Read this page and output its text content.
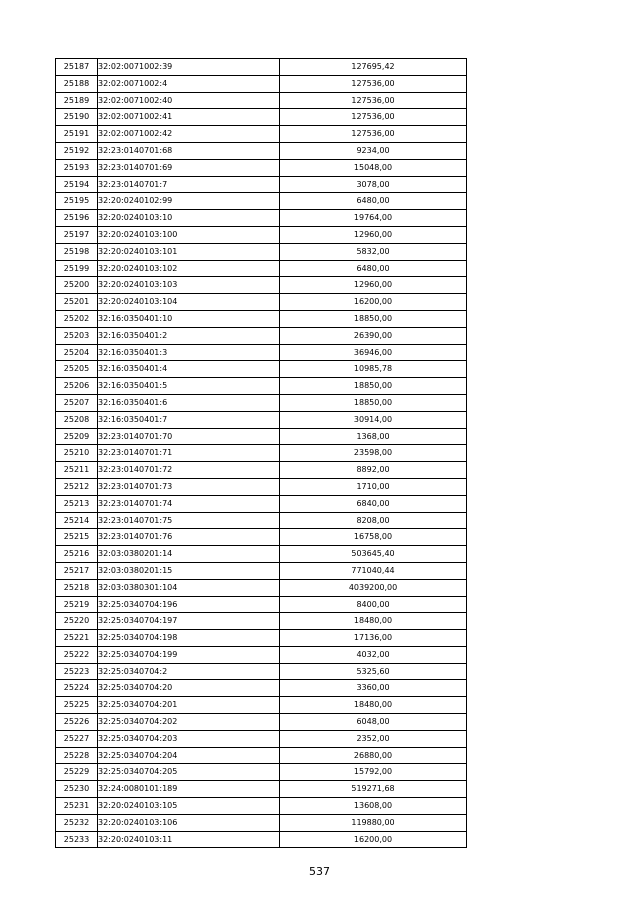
25187	32:02:0071002:39	127695,42
25188	32:02:0071002:4	127536,00
25189	32:02:0071002:40	127536,00
25190	32:02:0071002:41	127536,00
25191	32:02:0071002:42	127536,00
25192	32:23:0140701:68	9234,00
25193	32:23:0140701:69	15048,00
25194	32:23:0140701:7	3078,00
25195	32:20:0240102:99	6480,00
25196	32:20:0240103:10	19764,00
25197	32:20:0240103:100	12960,00
25198	32:20:0240103:101	5832,00
25199	32:20:0240103:102	6480,00
25200	32:20:0240103:103	12960,00
25201	32:20:0240103:104	16200,00
25202	32:16:0350401:10	18850,00
25203	32:16:0350401:2	26390,00
25204	32:16:0350401:3	36946,00
25205	32:16:0350401:4	10985,78
25206	32:16:0350401:5	18850,00
25207	32:16:0350401:6	18850,00
25208	32:16:0350401:7	30914,00
25209	32:23:0140701:70	1368,00
25210	32:23:0140701:71	23598,00
25211	32:23:0140701:72	8892,00
25212	32:23:0140701:73	1710,00
25213	32:23:0140701:74	6840,00
25214	32:23:0140701:75	8208,00
25215	32:23:0140701:76	16758,00
25216	32:03:0380201:14	503645,40
25217	32:03:0380201:15	771040,44
25218	32:03:0380301:104	4039200,00
25219	32:25:0340704:196	8400,00
25220	32:25:0340704:197	18480,00
25221	32:25:0340704:198	17136,00
25222	32:25:0340704:199	4032,00
25223	32:25:0340704:2	5325,60
25224	32:25:0340704:20	3360,00
25225	32:25:0340704:201	18480,00
25226	32:25:0340704:202	6048,00
25227	32:25:0340704:203	2352,00
25228	32:25:0340704:204	26880,00
25229	32:25:0340704:205	15792,00
25230	32:24:0080101:189	519271,68
25231	32:20:0240103:105	13608,00
25232	32:20:0240103:106	119880,00
25233	32:20:0240103:11	16200,00
537
